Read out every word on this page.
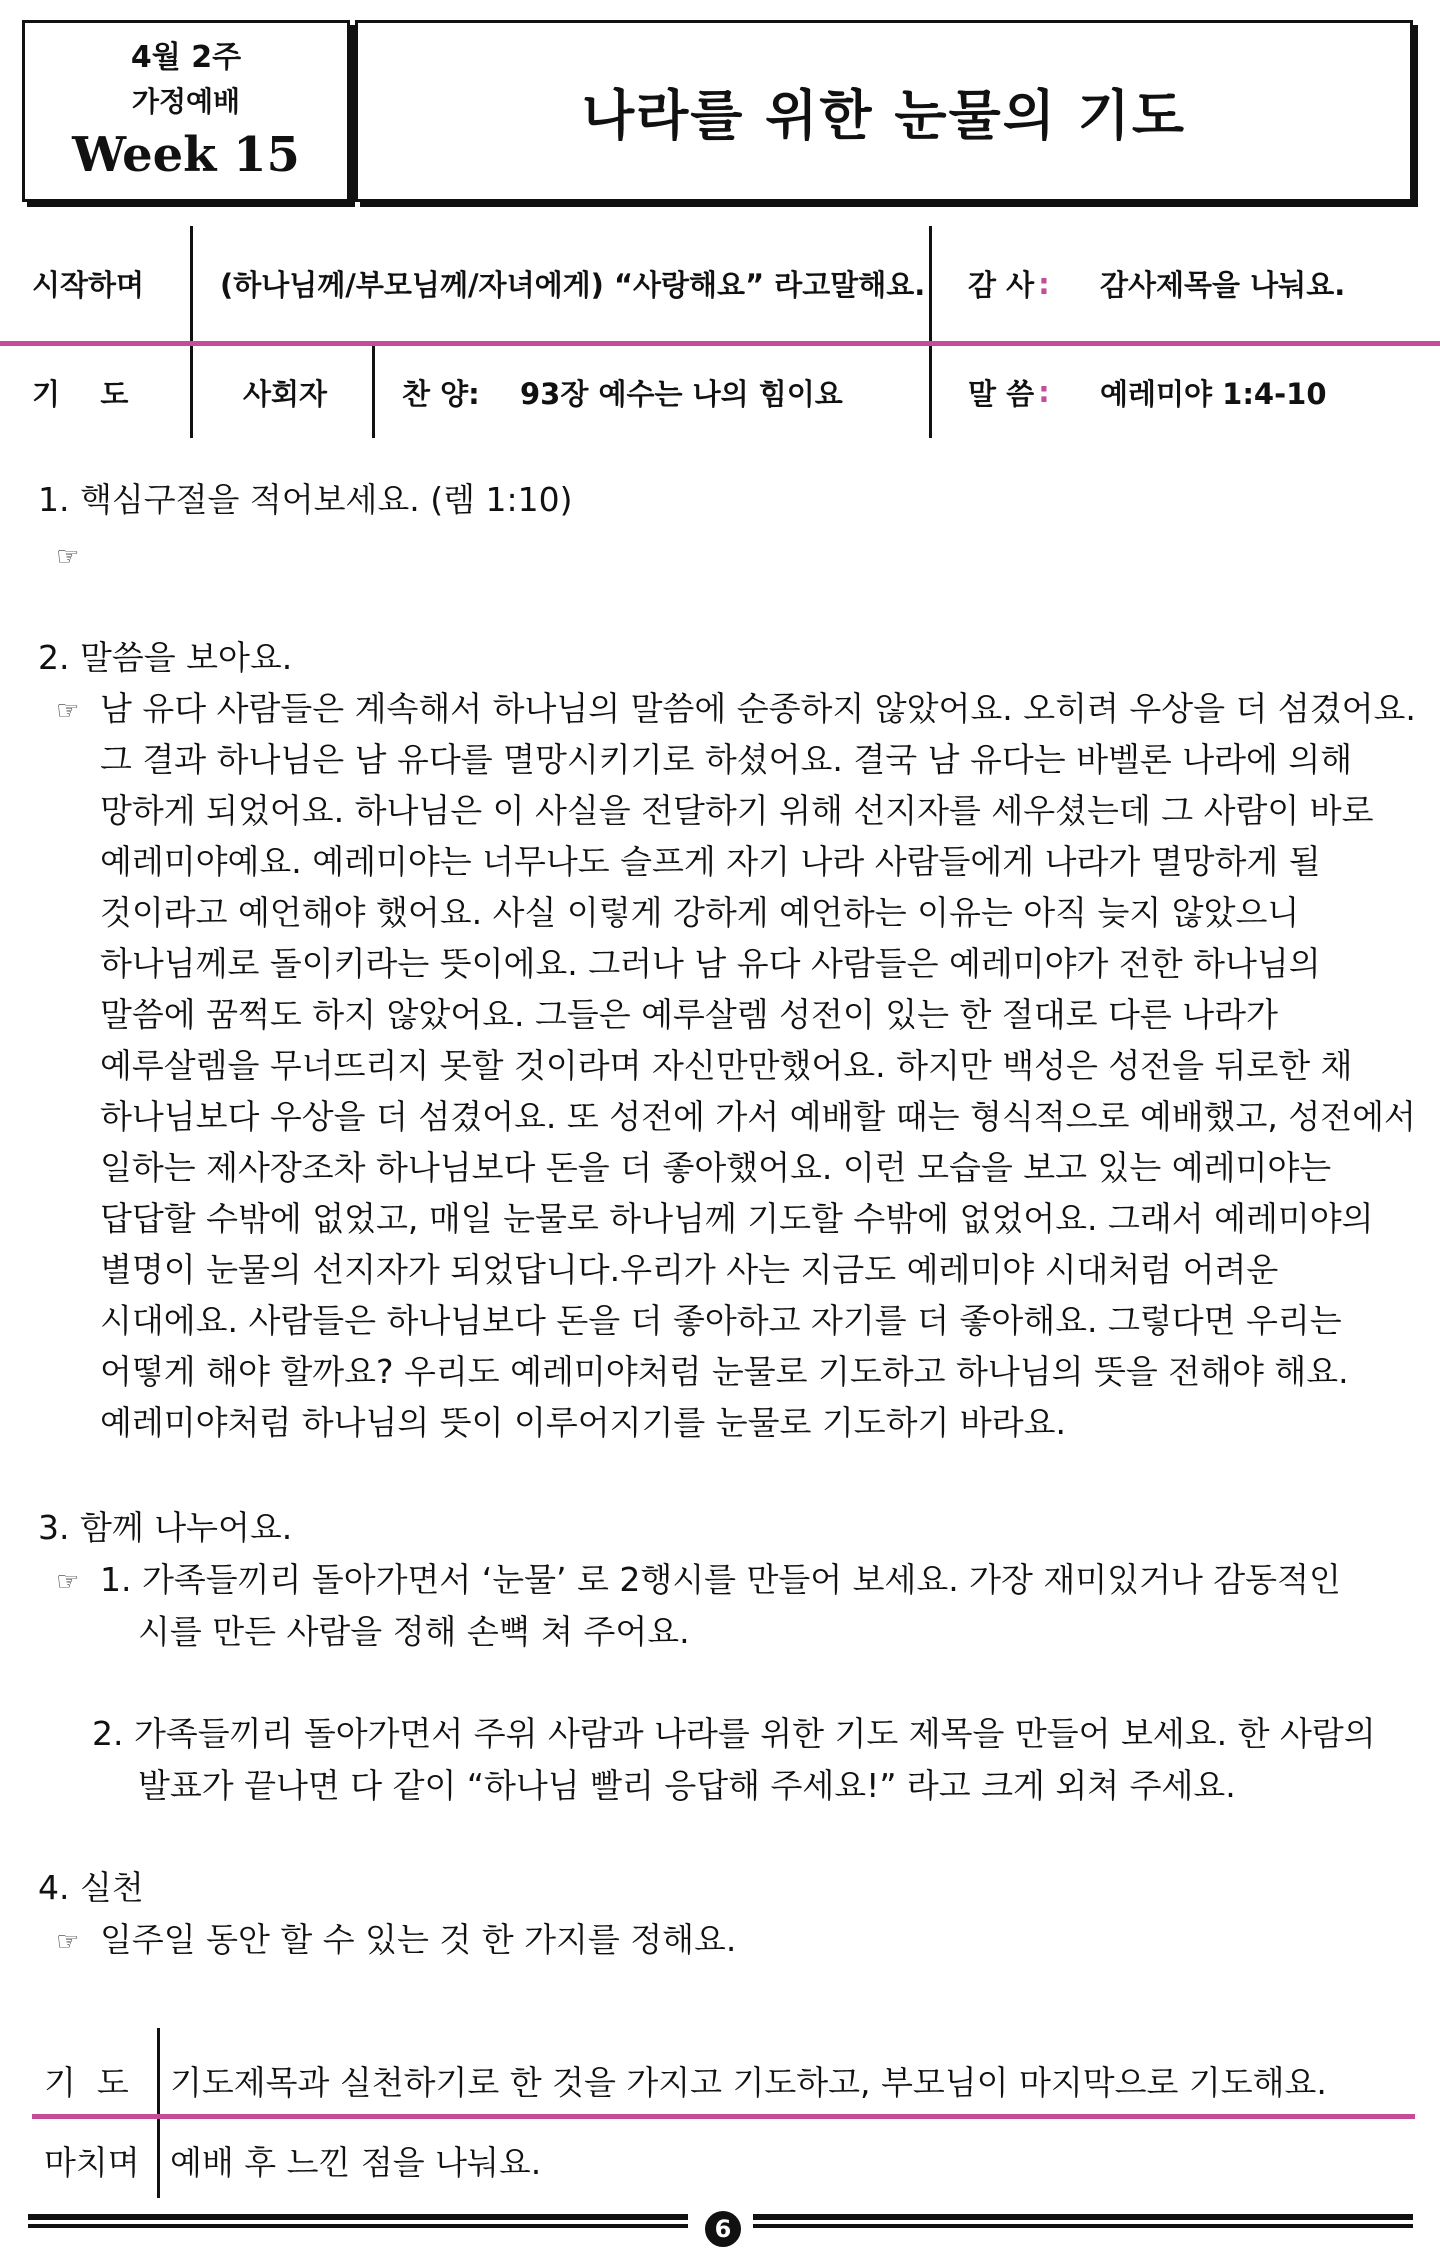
4월 2주
가정예배
Week 15
나라를 위한 눈물의 기도
시작하며	(하나님께/부모님께/자녀에게) “사랑해요” 라고말해요. 감 사 : 감사제목을 나눠요.
기    도	사회자	찬 양: 93장 예수는 나의 힘이요	말 씀 : 예레미야 1:4-10
1. 핵심구절을 적어보세요. (렘 1:10)
☞
2. 말씀을 보아요.
☞ 남 유다 사람들은 계속해서 하나님의 말씀에 순종하지 않았어요. 오히려 우상을 더 섬겼어요.
그 결과 하나님은 남 유다를 멸망시키기로 하셨어요. 결국 남 유다는 바벨론 나라에 의해
망하게 되었어요. 하나님은 이 사실을 전달하기 위해 선지자를 세우셨는데 그 사람이 바로
예레미야예요. 예레미야는 너무나도 슬프게 자기 나라 사람들에게 나라가 멸망하게 될
것이라고 예언해야 했어요. 사실 이렇게 강하게 예언하는 이유는 아직 늦지 않았으니
하나님께로 돌이키라는 뜻이에요. 그러나 남 유다 사람들은 예레미야가 전한 하나님의
말씀에 꿈쩍도 하지 않았어요. 그들은 예루살렘 성전이 있는 한 절대로 다른 나라가
예루살렘을 무너뜨리지 못할 것이라며 자신만만했어요. 하지만 백성은 성전을 뒤로한 채
하나님보다 우상을 더 섬겼어요. 또 성전에 가서 예배할 때는 형식적으로 예배했고, 성전에서
일하는 제사장조차 하나님보다 돈을 더 좋아했어요. 이런 모습을 보고 있는 예레미야는
답답할 수밖에 없었고, 매일 눈물로 하나님께 기도할 수밖에 없었어요. 그래서 예레미야의
별명이 눈물의 선지자가 되었답니다.우리가 사는 지금도 예레미야 시대처럼 어려운
시대에요. 사람들은 하나님보다 돈을 더 좋아하고 자기를 더 좋아해요. 그렇다면 우리는
어떻게 해야 할까요? 우리도 예레미야처럼 눈물로 기도하고 하나님의 뜻을 전해야 해요.
예레미야처럼 하나님의 뜻이 이루어지기를 눈물로 기도하기 바라요.
3. 함께 나누어요.
☞ 1. 가족들끼리 돌아가면서 ‘눈물’ 로 2행시를 만들어 보세요. 가장 재미있거나 감동적인
시를 만든 사람을 정해 손뼉 쳐 주어요.
2. 가족들끼리 돌아가면서 주위 사람과 나라를 위한 기도 제목을 만들어 보세요. 한 사람의
발표가 끝나면 다 같이 “하나님 빨리 응답해 주세요!” 라고 크게 외쳐 주세요.
4. 실천
☞ 일주일 동안 할 수 있는 것 한 가지를 정해요.
기  도 기도제목과 실천하기로 한 것을 가지고 기도하고, 부모님이 마지막으로 기도해요.
마치며 예배 후 느낀 점을 나눠요.
6
